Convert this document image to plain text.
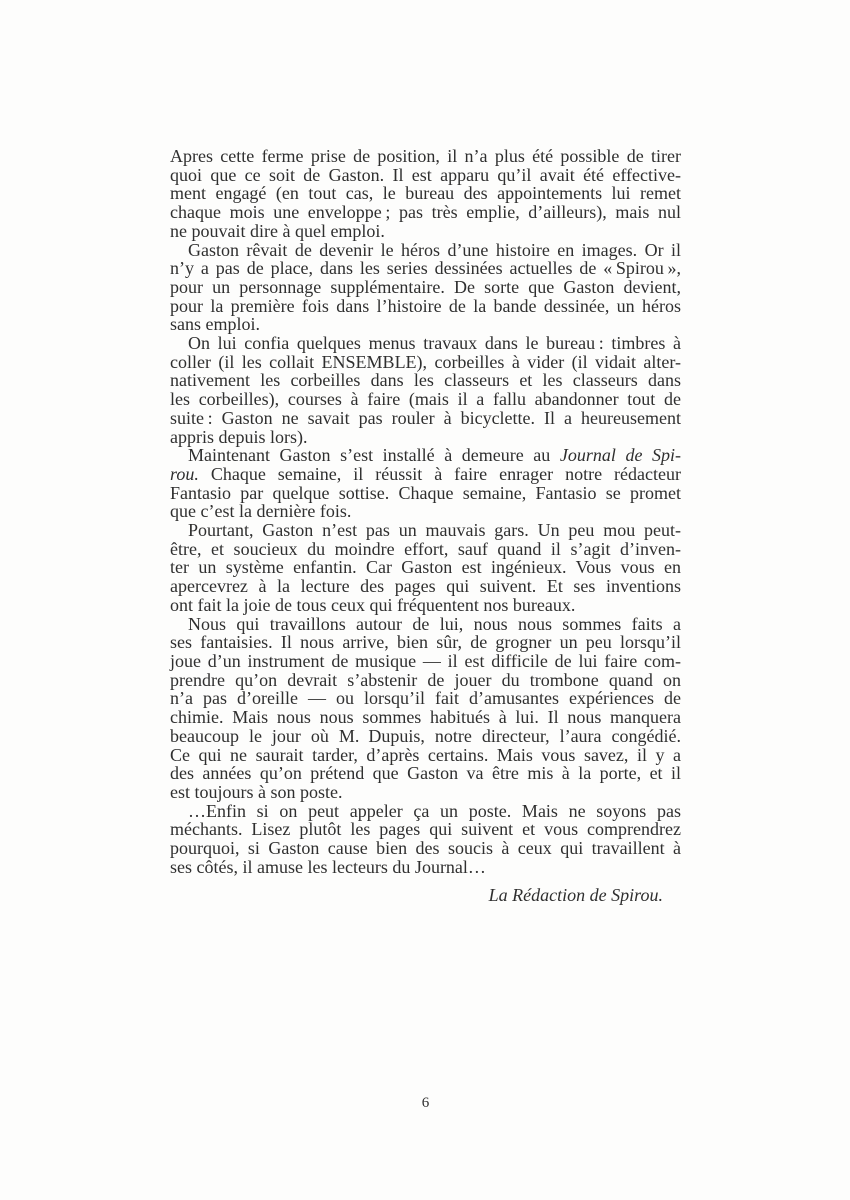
Apres cette ferme prise de position, il n’a plus été possible de tirer
quoi que ce soit de Gaston. Il est apparu qu’il avait été effective-
ment engagé (en tout cas, le bureau des appointements lui remet
chaque mois une enveloppe ; pas très emplie, d’ailleurs), mais nul
ne pouvait dire à quel emploi.
Gaston rêvait de devenir le héros d’une histoire en images. Or il
n’y a pas de place, dans les series dessinées actuelles de « Spirou »,
pour un personnage supplémentaire. De sorte que Gaston devient,
pour la première fois dans l’histoire de la bande dessinée, un héros
sans emploi.
On lui confia quelques menus travaux dans le bureau : timbres à
coller (il les collait ENSEMBLE), corbeilles à vider (il vidait alter-
nativement les corbeilles dans les classeurs et les classeurs dans
les corbeilles), courses à faire (mais il a fallu abandonner tout de
suite : Gaston ne savait pas rouler à bicyclette. Il a heureusement
appris depuis lors).
Maintenant Gaston s’est installé à demeure au Journal de Spi-
rou. Chaque semaine, il réussit à faire enrager notre rédacteur
Fantasio par quelque sottise. Chaque semaine, Fantasio se promet
que c’est la dernière fois.
Pourtant, Gaston n’est pas un mauvais gars. Un peu mou peut-
être, et soucieux du moindre effort, sauf quand il s’agit d’inven-
ter un système enfantin. Car Gaston est ingénieux. Vous vous en
apercevrez à la lecture des pages qui suivent. Et ses inventions
ont fait la joie de tous ceux qui fréquentent nos bureaux.
Nous qui travaillons autour de lui, nous nous sommes faits a
ses fantaisies. Il nous arrive, bien sûr, de grogner un peu lorsqu’il
joue d’un instrument de musique — il est difficile de lui faire com-
prendre qu’on devrait s’abstenir de jouer du trombone quand on
n’a pas d’oreille — ou lorsqu’il fait d’amusantes expériences de
chimie. Mais nous nous sommes habitués à lui. Il nous manquera
beaucoup le jour où M. Dupuis, notre directeur, l’aura congédié.
Ce qui ne saurait tarder, d’après certains. Mais vous savez, il y a
des années qu’on prétend que Gaston va être mis à la porte, et il
est toujours à son poste.
…Enfin si on peut appeler ça un poste. Mais ne soyons pas
méchants. Lisez plutôt les pages qui suivent et vous comprendrez
pourquoi, si Gaston cause bien des soucis à ceux qui travaillent à
ses côtés, il amuse les lecteurs du Journal…
La Rédaction de Spirou.
6
